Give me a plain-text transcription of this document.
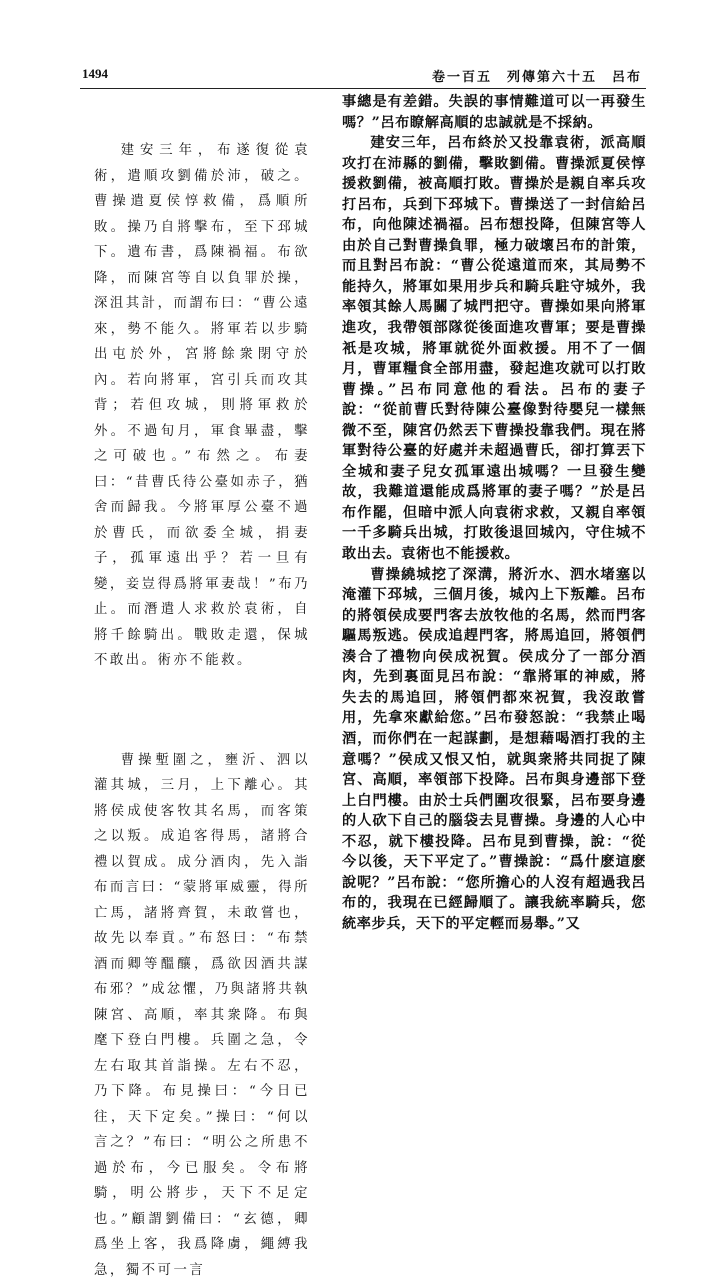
1494	卷一百五　列傳第六十五　呂布

建安三年，布遂復從袁術，遣順攻劉備於沛，破之。曹操遣夏侯惇救備，爲順所敗。操乃自將擊布，至下邳城下。遺布書，爲陳禍福。布欲降，而陳宮等自以負罪於操，深沮其計，而謂布曰：“曹公遠來，勢不能久。將軍若以步騎出屯於外，宮將餘衆閉守於內。若向將軍，宮引兵而攻其背；若但攻城，則將軍救於外。不過旬月，軍食畢盡，擊之可破也。”布然之。布妻曰：“昔曹氏待公臺如赤子，猶舍而歸我。今將軍厚公臺不過於曹氏，而欲委全城，捐妻子，孤軍遠出乎？若一旦有變，妾豈得爲將軍妻哉！”布乃止。而潛遣人求救於袁術，自將千餘騎出。戰敗走還，保城不敢出。術亦不能救。

曹操塹圍之，壅沂、泗以灌其城，三月，上下離心。其將侯成使客牧其名馬，而客策之以叛。成追客得馬，諸將合禮以賀成。成分酒肉，先入詣布而言曰：“蒙將軍威靈，得所亡馬，諸將齊賀，未敢嘗也，故先以奉貢。”布怒曰：“布禁酒而卿等醞釀，爲欲因酒共謀布邪？”成忿懼，乃與諸將共執陳宮、高順，率其衆降。布與麾下登白門樓。兵圍之急，令左右取其首詣操。左右不忍，乃下降。布見操曰：“今日已往，天下定矣。”操曰：“何以言之？”布曰：“明公之所患不過於布，今已服矣。令布將騎，明公將步，天下不足定也。”顧謂劉備曰：“玄德，卿爲坐上客，我爲降虜，繩縛我急，獨不可一言

事總是有差錯。失誤的事情難道可以一再發生嗎？”呂布瞭解高順的忠誠就是不採納。

建安三年，呂布終於又投靠袁術，派高順攻打在沛縣的劉備，擊敗劉備。曹操派夏侯惇援救劉備，被高順打敗。曹操於是親自率兵攻打呂布，兵到下邳城下。曹操送了一封信給呂布，向他陳述禍福。呂布想投降，但陳宮等人由於自己對曹操負罪，極力破壞呂布的計策，而且對呂布說：“曹公從遠道而來，其局勢不能持久，將軍如果用步兵和騎兵駐守城外，我率領其餘人馬關了城門把守。曹操如果向將軍進攻，我帶領部隊從後面進攻曹軍；要是曹操衹是攻城，將軍就從外面救援。用不了一個月，曹軍糧食全部用盡，發起進攻就可以打敗曹操。”呂布同意他的看法。呂布的妻子說：“從前曹氏對待陳公臺像對待嬰兒一樣無微不至，陳宮仍然丟下曹操投靠我們。現在將軍對待公臺的好處并未超過曹氏，卻打算丟下全城和妻子兒女孤軍遠出城嗎？一旦發生變故，我難道還能成爲將軍的妻子嗎？”於是呂布作罷，但暗中派人向袁術求救，又親自率領一千多騎兵出城，打敗後退回城內，守住城不敢出去。袁術也不能援救。

曹操繞城挖了深溝，將沂水、泗水堵塞以淹灌下邳城，三個月後，城內上下叛離。呂布的將領侯成要門客去放牧他的名馬，然而門客驅馬叛逃。侯成追趕門客，將馬追回，將領們湊合了禮物向侯成祝賀。侯成分了一部分酒肉，先到裏面見呂布說：“靠將軍的神威，將失去的馬追回，將領們都來祝賀，我沒敢嘗用，先拿來獻給您。”呂布發怒說：“我禁止喝酒，而你們在一起謀劃，是想藉喝酒打我的主意嗎？”侯成又恨又怕，就與衆將共同捉了陳宮、高順，率領部下投降。呂布與身邊部下登上白門樓。由於士兵們圍攻很緊，呂布要身邊的人砍下自己的腦袋去見曹操。身邊的人心中不忍，就下樓投降。呂布見到曹操，說：“從今以後，天下平定了。”曹操說：“爲什麽這麽說呢？”呂布說：“您所擔心的人沒有超過我呂布的，我現在已經歸順了。讓我統率騎兵，您統率步兵，天下的平定輕而易舉。”又
